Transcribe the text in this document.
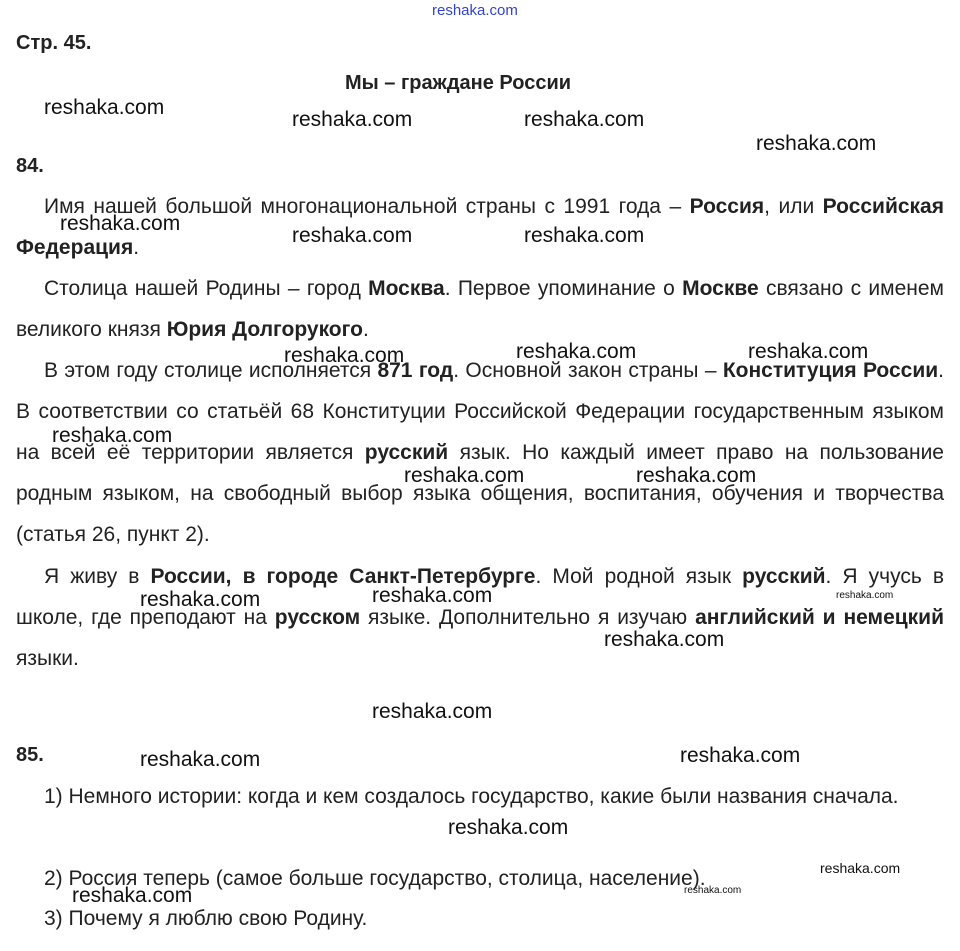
reshaka.com
Стр. 45.
Мы – граждане России
84.
Имя нашей большой многонациональной страны с 1991 года – Россия, или Российская Федерация.
Столица нашей Родины – город Москва. Первое упоминание о Москве связано с именем великого князя Юрия Долгорукого.
В этом году столице исполняется 871 год. Основной закон страны – Конституция России. В соответствии со статьёй 68 Конституции Российской Федерации государственным языком на всей её территории является русский язык. Но каждый имеет право на пользование родным языком, на свободный выбор языка общения, воспитания, обучения и творчества (статья 26, пункт 2).
Я живу в России, в городе Санкт-Петербурге. Мой родной язык русский. Я учусь в школе, где преподают на русском языке. Дополнительно я изучаю английский и немецкий языки.
85.
1) Немного истории: когда и кем создалось государство, какие были названия сначала.
2) Россия теперь (самое больше государство, столица, население).
3) Почему я люблю свою Родину.
reshaka.com
reshaka.com	reshaka.com
reshaka.com
reshaka.com
reshaka.com	reshaka.com
reshaka.com	reshaka.com	reshaka.com
reshaka.com
reshaka.com	reshaka.com
reshaka.com	reshaka.com	reshaka.com
reshaka.com
reshaka.com
reshaka.com	reshaka.com
reshaka.com
reshaka.com
reshaka.com	reshaka.com
